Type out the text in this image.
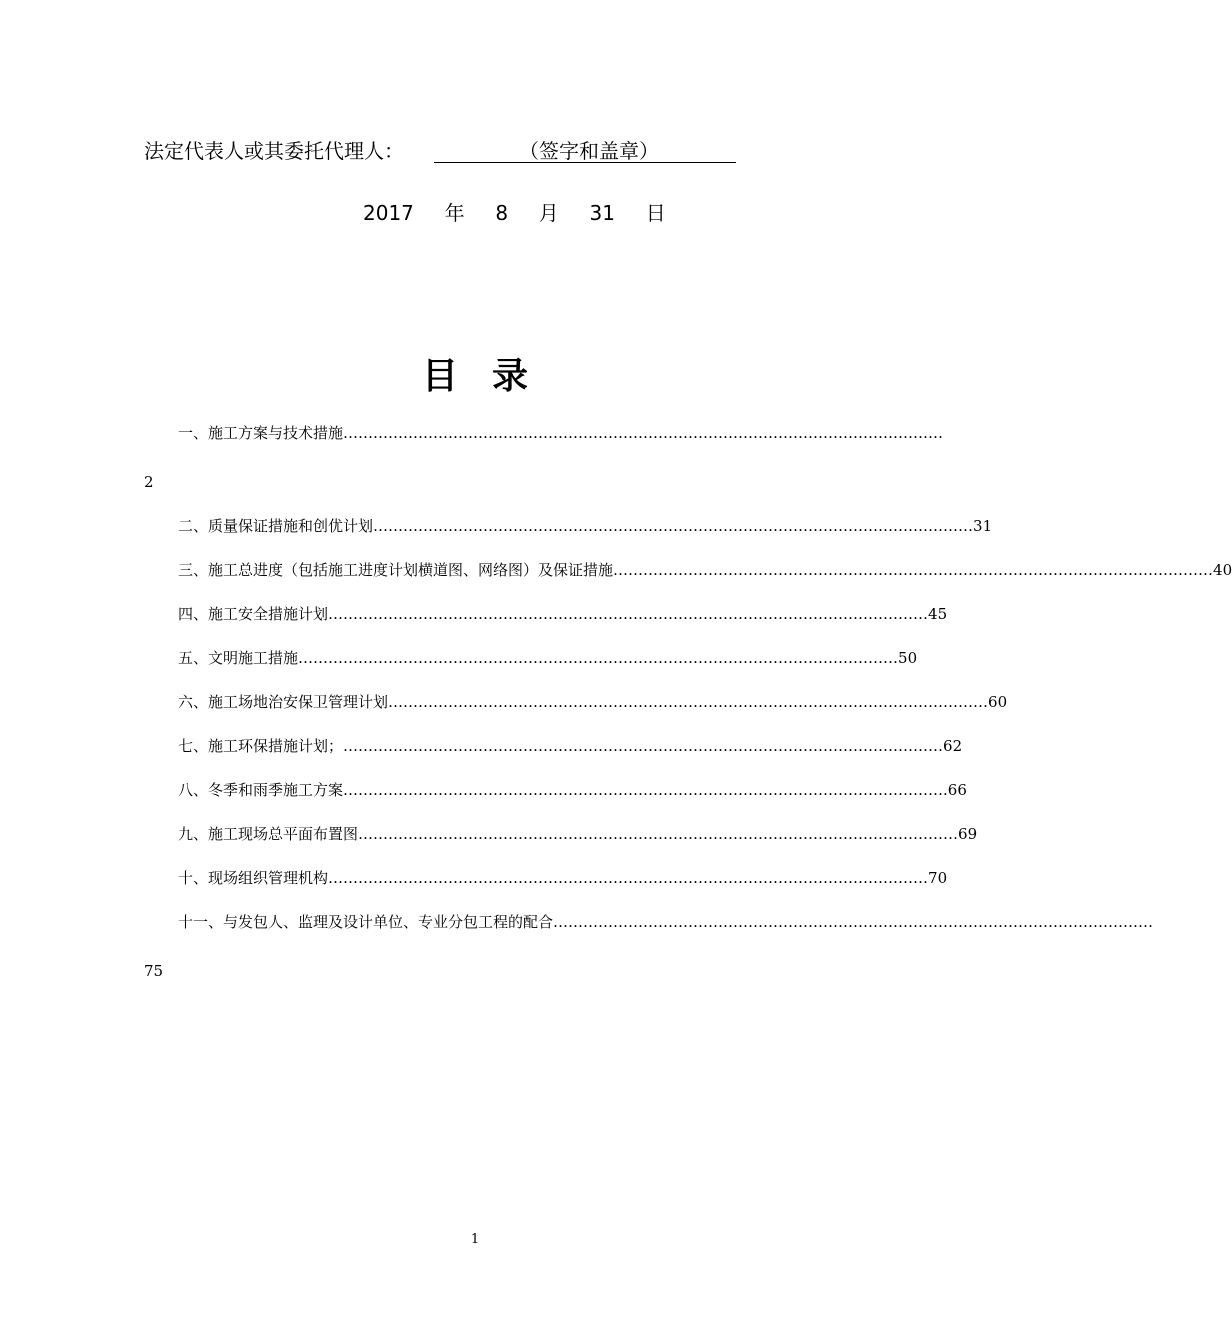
法定代表人或其委托代理人：	（签字和盖章）
2017 年 8 月 31 日
目录
一、 施工方案与技术措施 …………………………………………………………………………………………………………
2
二、 质量保证措施和创优计划 ………………………………………………………………………………………………………… 31
三、 施工总进度（包括施工进度计划横道图、网络图）及保证措施 ………………………………………………………………………………………………………… 40
四、 施工安全措施计划 ………………………………………………………………………………………………………… 45
五、 文明施工措施 ………………………………………………………………………………………………………… 50
六、 施工场地治安保卫管理计划 ………………………………………………………………………………………………………… 60
七、 施工环保措施计划； ………………………………………………………………………………………………………… 62
八、 冬季和雨季施工方案 ………………………………………………………………………………………………………… .66
九、 施工现场总平面布置图 ………………………………………………………………………………………………………… 69
十、 现场组织管理机构 ………………………………………………………………………………………………………… 70
十一、 与发包人、监理及设计单位、专业分包工程的配合 …………………………………………………………………………………………………………
75
1
